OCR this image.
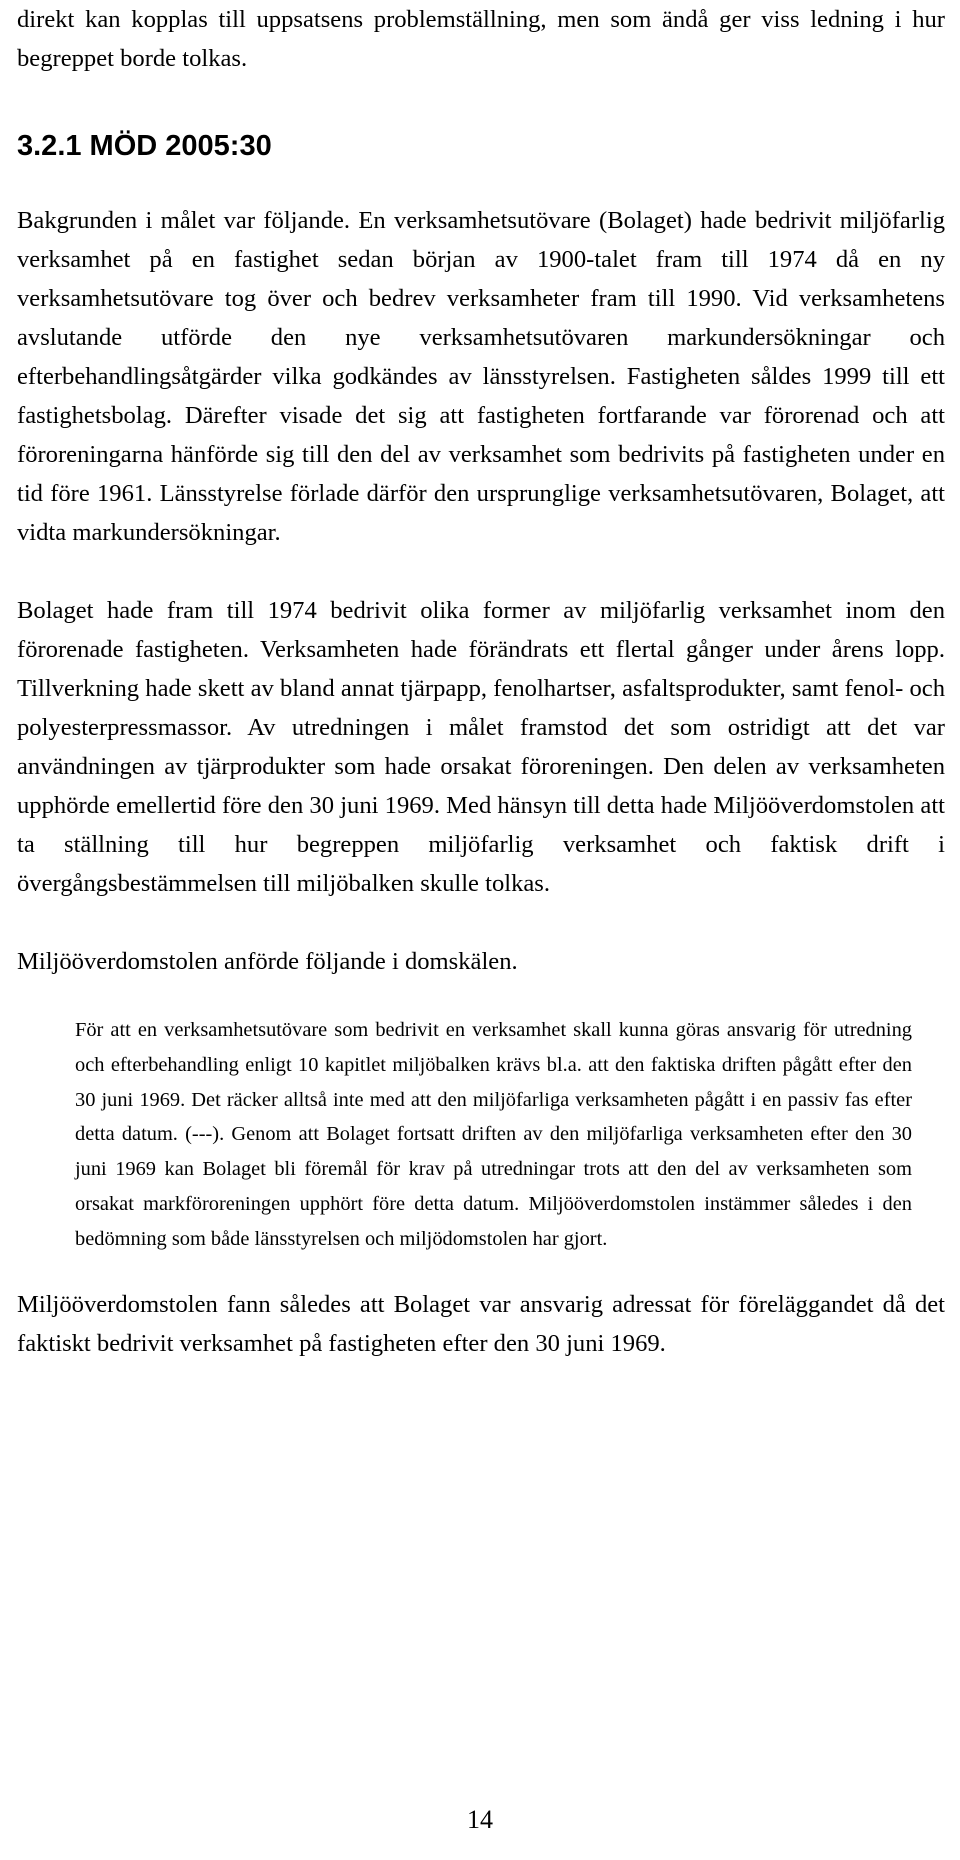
direkt kan kopplas till uppsatsens problemställning, men som ändå ger viss ledning i hur begreppet borde tolkas.

3.2.1 MÖD 2005:30

Bakgrunden i målet var följande. En verksamhetsutövare (Bolaget) hade bedrivit miljöfarlig verksamhet på en fastighet sedan början av 1900-talet fram till 1974 då en ny verksamhetsutövare tog över och bedrev verksamheter fram till 1990. Vid verksamhetens avslutande utförde den nye verksamhetsutövaren markundersökningar och efterbehandlingsåtgärder vilka godkändes av länsstyrelsen. Fastigheten såldes 1999 till ett fastighetsbolag. Därefter visade det sig att fastigheten fortfarande var förorenad och att föroreningarna hänförde sig till den del av verksamhet som bedrivits på fastigheten under en tid före 1961. Länsstyrelse förlade därför den ursprunglige verksamhetsutövaren, Bolaget, att vidta markundersökningar.

Bolaget hade fram till 1974 bedrivit olika former av miljöfarlig verksamhet inom den förorenade fastigheten. Verksamheten hade förändrats ett flertal gånger under årens lopp. Tillverkning hade skett av bland annat tjärpapp, fenolhartser, asfaltsprodukter, samt fenol- och polyesterpressmassor. Av utredningen i målet framstod det som ostridigt att det var användningen av tjärprodukter som hade orsakat föroreningen. Den delen av verksamheten upphörde emellertid före den 30 juni 1969. Med hänsyn till detta hade Miljööverdomstolen att ta ställning till hur begreppen miljöfarlig verksamhet och faktisk drift i övergångsbestämmelsen till miljöbalken skulle tolkas.

Miljööverdomstolen anförde följande i domskälen.

För att en verksamhetsutövare som bedrivit en verksamhet skall kunna göras ansvarig för utredning och efterbehandling enligt 10 kapitlet miljöbalken krävs bl.a. att den faktiska driften pågått efter den 30 juni 1969. Det räcker alltså inte med att den miljöfarliga verksamheten pågått i en passiv fas efter detta datum. (---). Genom att Bolaget fortsatt driften av den miljöfarliga verksamheten efter den 30 juni 1969 kan Bolaget bli föremål för krav på utredningar trots att den del av verksamheten som orsakat markföroreningen upphört före detta datum. Miljööverdomstolen instämmer således i den bedömning som både länsstyrelsen och miljödomstolen har gjort.

Miljööverdomstolen fann således att Bolaget var ansvarig adressat för föreläggandet då det faktiskt bedrivit verksamhet på fastigheten efter den 30 juni 1969.

14
